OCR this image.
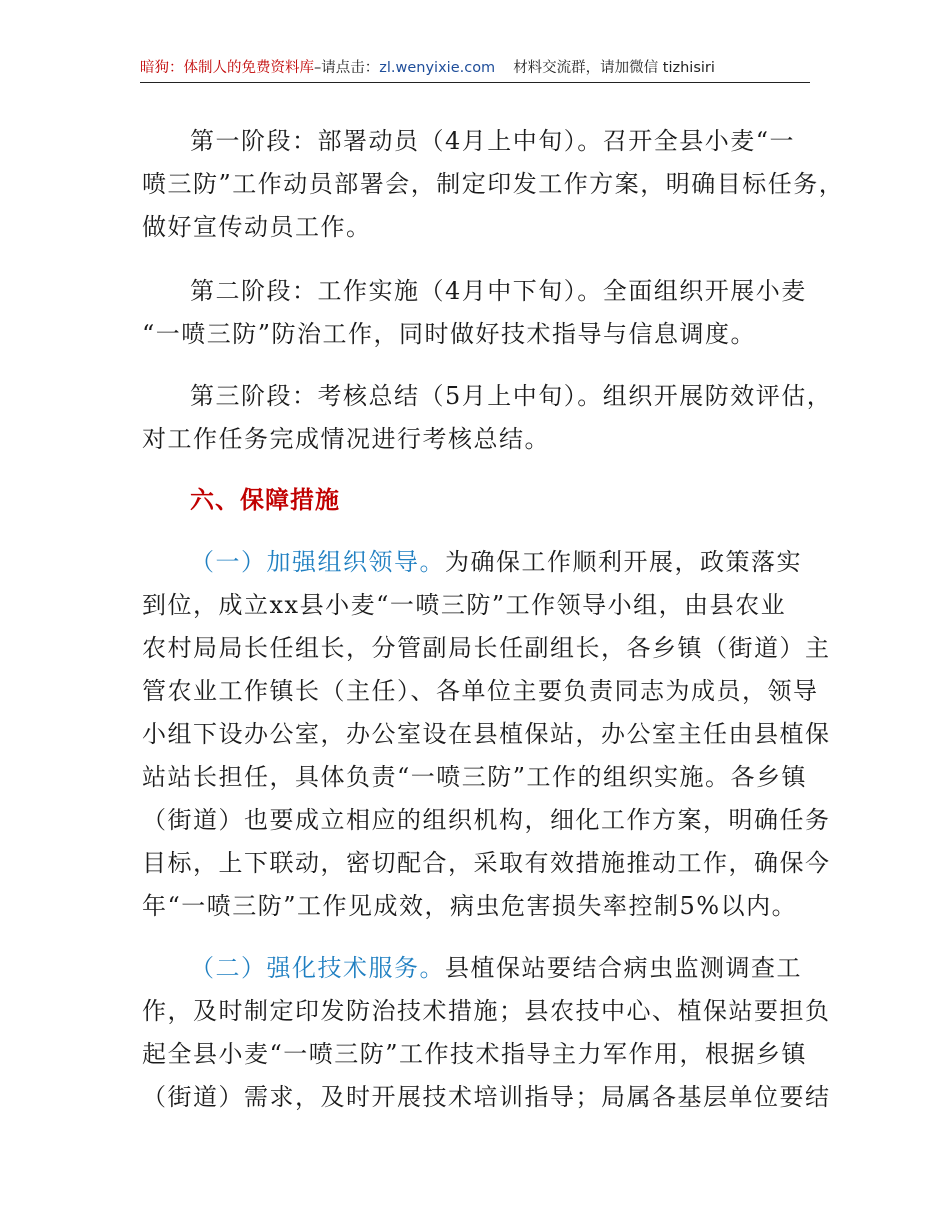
暗狗：体制人的免费资料库–请点击：zl.wenyixie.com 材料交流群，请加微信 tizhisiri
第一阶段：部署动员（4月上中旬）。召开全县小麦“一
喷三防”工作动员部署会，制定印发工作方案，明确目标任务，
做好宣传动员工作。
第二阶段：工作实施（4月中下旬）。全面组织开展小麦
“一喷三防”防治工作，同时做好技术指导与信息调度。
第三阶段：考核总结（5月上中旬）。组织开展防效评估，
对工作任务完成情况进行考核总结。
六、保障措施
（一）加强组织领导。为确保工作顺利开展，政策落实
到位，成立xx县小麦“一喷三防”工作领导小组，由县农业
农村局局长任组长，分管副局长任副组长，各乡镇（街道）主
管农业工作镇长（主任）、各单位主要负责同志为成员，领导
小组下设办公室，办公室设在县植保站，办公室主任由县植保
站站长担任，具体负责“一喷三防”工作的组织实施。各乡镇
（街道）也要成立相应的组织机构，细化工作方案，明确任务
目标，上下联动，密切配合，采取有效措施推动工作，确保今
年“一喷三防”工作见成效，病虫危害损失率控制5%以内。
（二）强化技术服务。县植保站要结合病虫监测调查工
作，及时制定印发防治技术措施；县农技中心、植保站要担负
起全县小麦“一喷三防”工作技术指导主力军作用，根据乡镇
（街道）需求，及时开展技术培训指导；局属各基层单位要结
